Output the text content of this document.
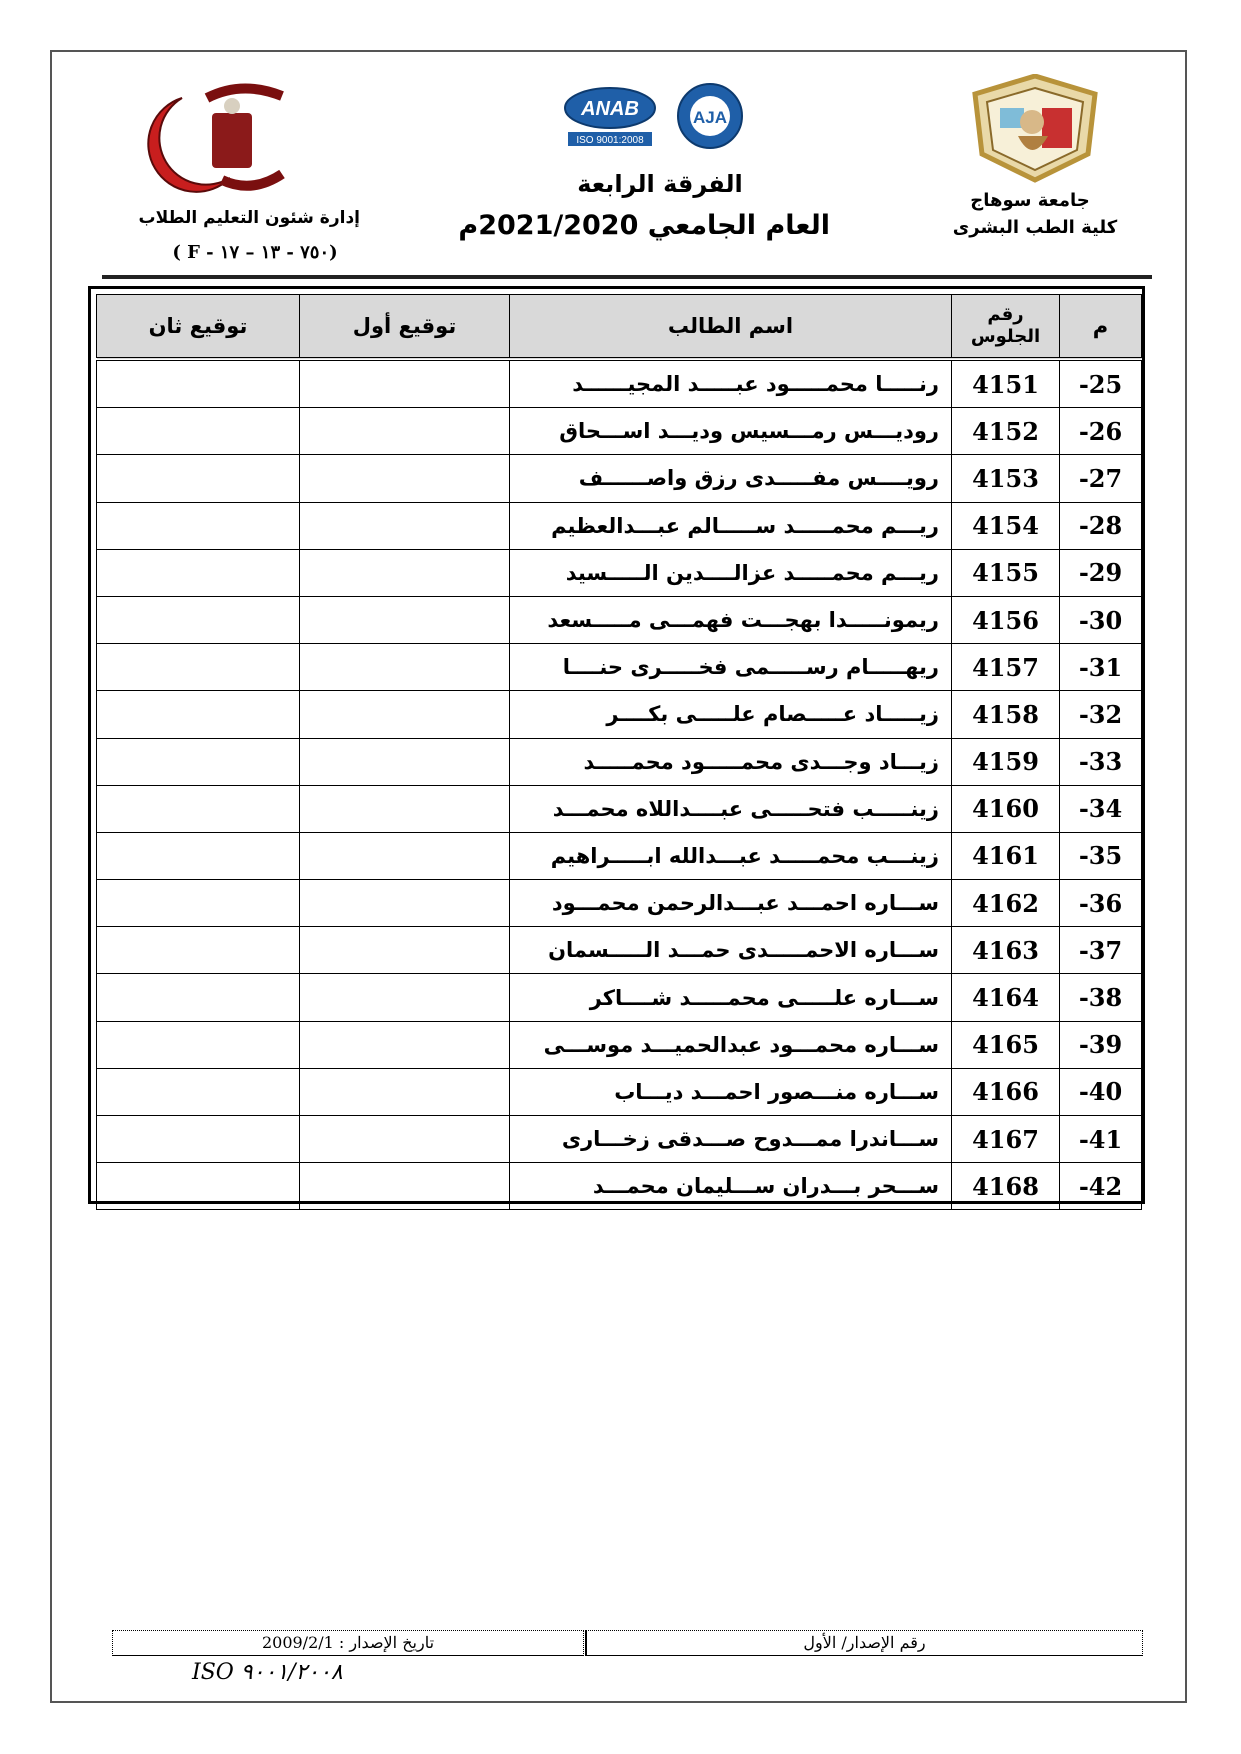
ANAB
ISO 9001:2008
AJA
إدارة شئون التعليم الطلاب
( F - ٧٥٠ - ١٣ – ١٧)
الفرقة الرابعة
العام الجامعي 2021/2020م
جامعة سوهاج
كلية الطب البشرى
م	رقم الجلوس	اسم الطالب	توقيع أول	توقيع ثان
-25	4151	رنـــــا محمـــــود عبـــــد المجيــــــد		
-26	4152	روديـــس رمـــسيس وديـــد اســـحاق		
-27	4153	رويــــس مفـــــدى رزق واصــــــف		
-28	4154	ريـــم محمـــــد ســـــالم عبـــدالعظيم		
-29	4155	ريـــم محمـــــد عزالــــدين الـــــسيد		
-30	4156	ريمونـــــدا بهجـــت فهمـــى مـــــسعد		
-31	4157	ريهـــــام رســـــمى فخـــــرى حنــــا		
-32	4158	زيـــــاد عـــــصام علـــــى بكــــر		
-33	4159	زيـــاد وجـــدى محمـــــود محمـــــد		
-34	4160	زينـــــب فتحـــــى عبــــداللاه محمـــد		
-35	4161	زينـــب محمـــــد عبـــدالله ابـــــراهيم		
-36	4162	ســـاره احمـــد عبـــدالرحمن محمـــود		
-37	4163	ســـاره الاحمـــــدى حمـــد الـــــسمان		
-38	4164	ســـاره علـــــى محمـــــد شــــاكر		
-39	4165	ســـاره محمـــود عبدالحميـــد موســـى		
-40	4166	ســـاره منـــصور احمـــد ديـــاب		
-41	4167	ســـاندرا ممـــدوح صـــدقى زخـــارى		
-42	4168	ســـحر بـــدران ســـليمان محمـــد		
تاريخ الإصدار : 2009/2/1	رقم الإصدار/ الأول
ISO ٩٠٠١/٢٠٠٨
